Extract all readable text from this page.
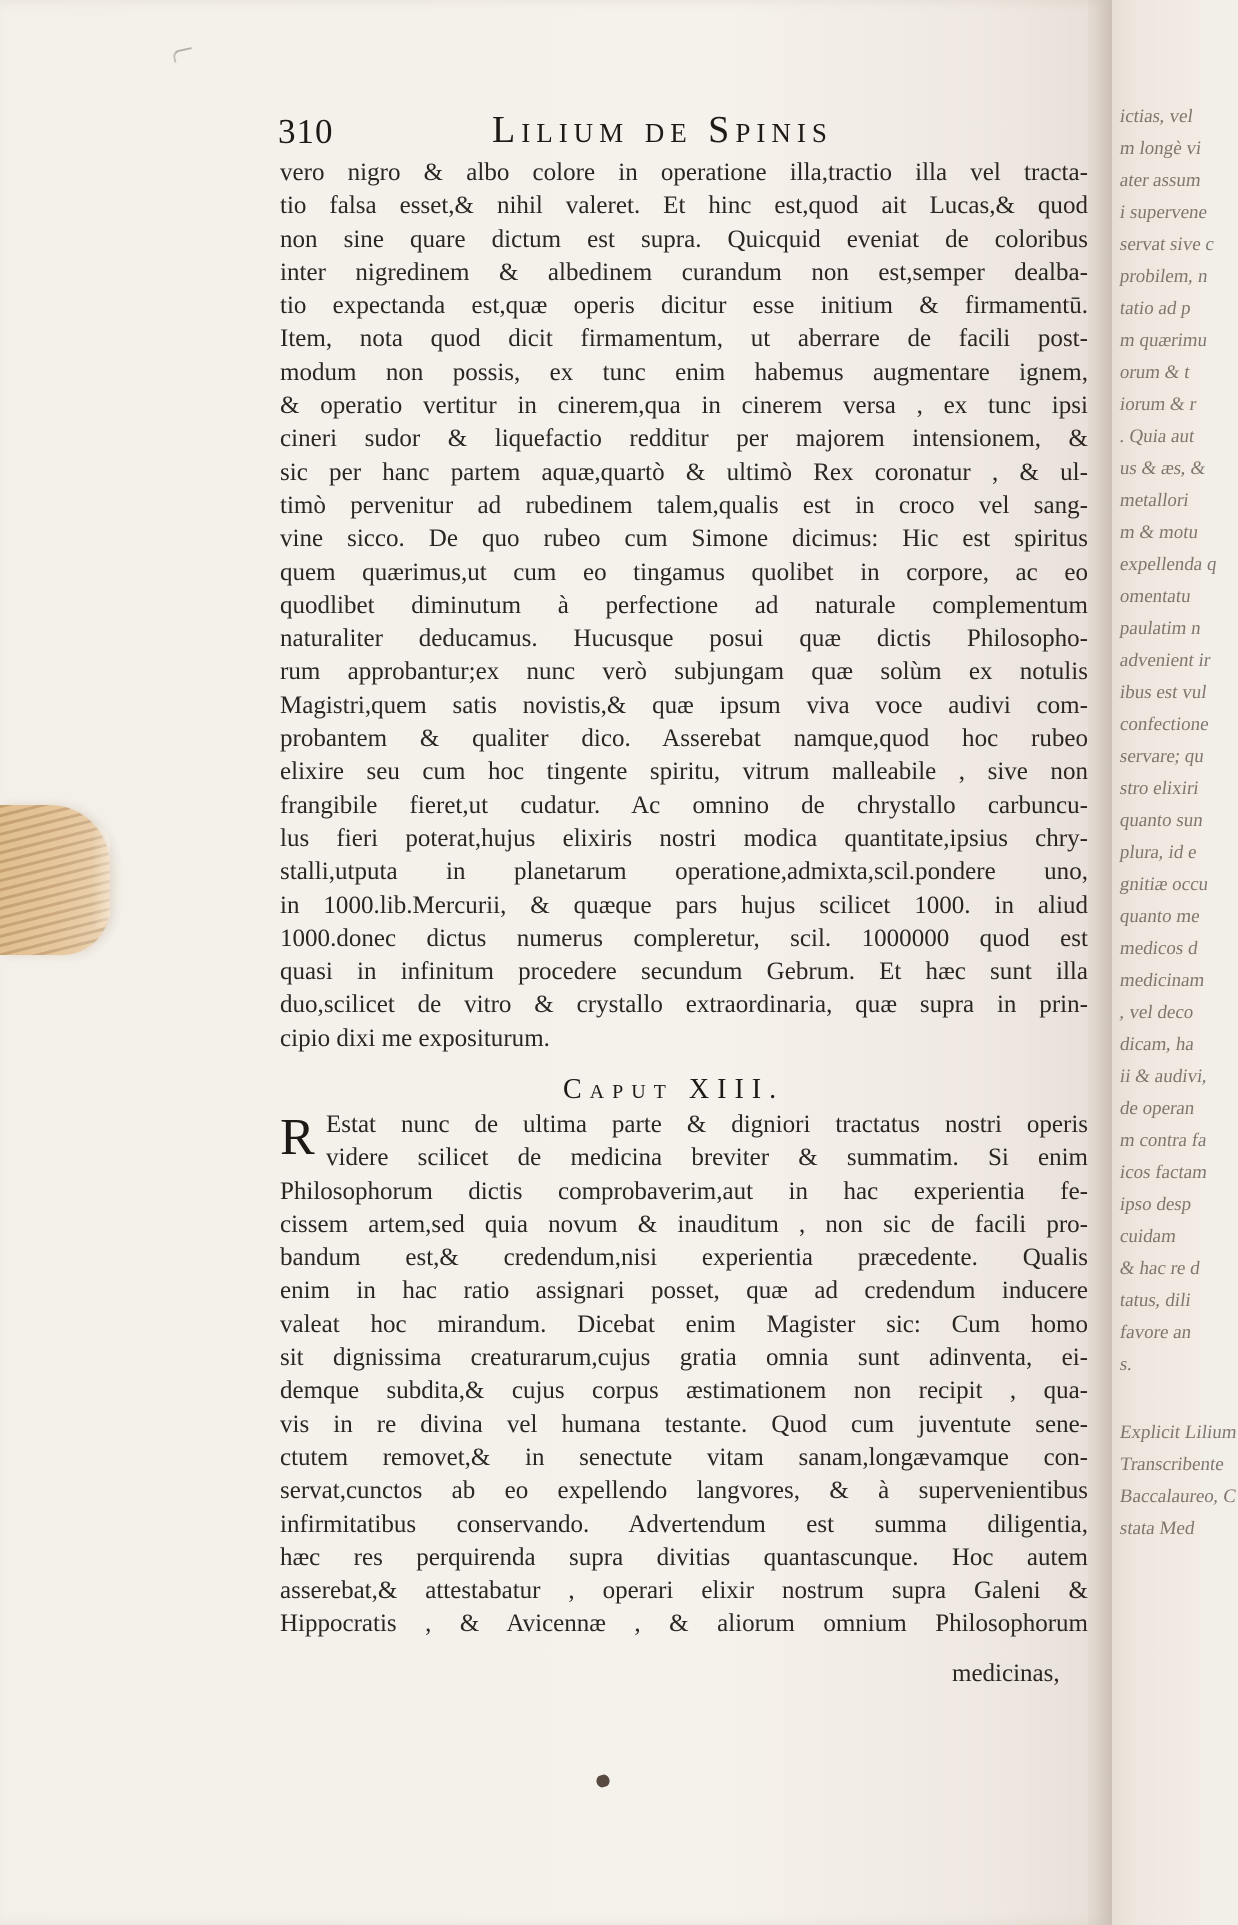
310	Lilium de Spinis
vero nigro & albo colore in operatione illa,tractio illa vel tracta-
tio falsa esset,& nihil valeret. Et hinc est,quod ait Lucas,& quod
non sine quare dictum est supra. Quicquid eveniat de coloribus
inter nigredinem & albedinem curandum non est,semper dealba-
tio expectanda est,quæ operis dicitur esse initium & firmamentū.
Item, nota quod dicit firmamentum, ut aberrare de facili post-
modum non possis, ex tunc enim habemus augmentare ignem,
& operatio vertitur in cinerem,qua in cinerem versa , ex tunc ipsi
cineri sudor & liquefactio redditur per majorem intensionem, &
sic per hanc partem aquæ,quartò & ultimò Rex coronatur , & ul-
timò pervenitur ad rubedinem talem,qualis est in croco vel sang-
vine sicco. De quo rubeo cum Simone dicimus: Hic est spiritus
quem quærimus,ut cum eo tingamus quolibet in corpore, ac eo
quodlibet diminutum à perfectione ad naturale complementum
naturaliter deducamus. Hucusque posui quæ dictis Philosopho-
rum approbantur;ex nunc verò subjungam quæ solùm ex notulis
Magistri,quem satis novistis,& quæ ipsum viva voce audivi com-
probantem & qualiter dico. Asserebat namque,quod hoc rubeo
elixire seu cum hoc tingente spiritu, vitrum malleabile , sive non
frangibile fieret,ut cudatur. Ac omnino de chrystallo carbuncu-
lus fieri poterat,hujus elixiris nostri modica quantitate,ipsius chry-
stalli,utputa in planetarum operatione,admixta,scil.pondere uno,
in 1000.lib.Mercurii, & quæque pars hujus scilicet 1000. in aliud
1000.donec dictus numerus compleretur, scil. 1000000 quod est
quasi in infinitum procedere secundum Gebrum. Et hæc sunt illa
duo,scilicet de vitro & crystallo extraordinaria, quæ supra in prin-
cipio dixi me expositurum.
Caput XIII.
R Estat nunc de ultima parte & digniori tractatus nostri operis
videre scilicet de medicina breviter & summatim. Si enim
Philosophorum dictis comprobaverim,aut in hac experientia fe-
cissem artem,sed quia novum & inauditum , non sic de facili pro-
bandum est,& credendum,nisi experientia præcedente. Qualis
enim in hac ratio assignari posset, quæ ad credendum inducere
valeat hoc mirandum. Dicebat enim Magister sic: Cum homo
sit dignissima creaturarum,cujus gratia omnia sunt adinventa, ei-
demque subdita,& cujus corpus æstimationem non recipit , qua-
vis in re divina vel humana testante. Quod cum juventute sene-
ctutem removet,& in senectute vitam sanam,longævamque con-
servat,cunctos ab eo expellendo langvores, & à supervenientibus
infirmitatibus conservando. Advertendum est summa diligentia,
hæc res perquirenda supra divitias quantascunque. Hoc autem
asserebat,& attestabatur , operari elixir nostrum supra Galeni &
Hippocratis , & Avicennæ , & aliorum omnium Philosophorum
medicinas,
ictias, vel
m longè vi
ater assum
i supervene
servat sive c
probilem, n
tatio ad p
m quærimu
orum & t
iorum & r
. Quia aut
us & æs, &
metallori
m & motu
expellenda q
omentatu
paulatim n
advenient ir
ibus est vul
confectione
servare; qu
stro elixiri
quanto sun
plura, id e
gnitiæ occu
quanto me
medicos d
medicinam
, vel deco
dicam, ha
ii & audivi,
de operan
m contra fa
icos factam
ipso desp
cuidam
& hac re d
tatus, dili
favore an
s.
Explicit Lilium
Transcribente
Baccalaureo, C
stata Med
